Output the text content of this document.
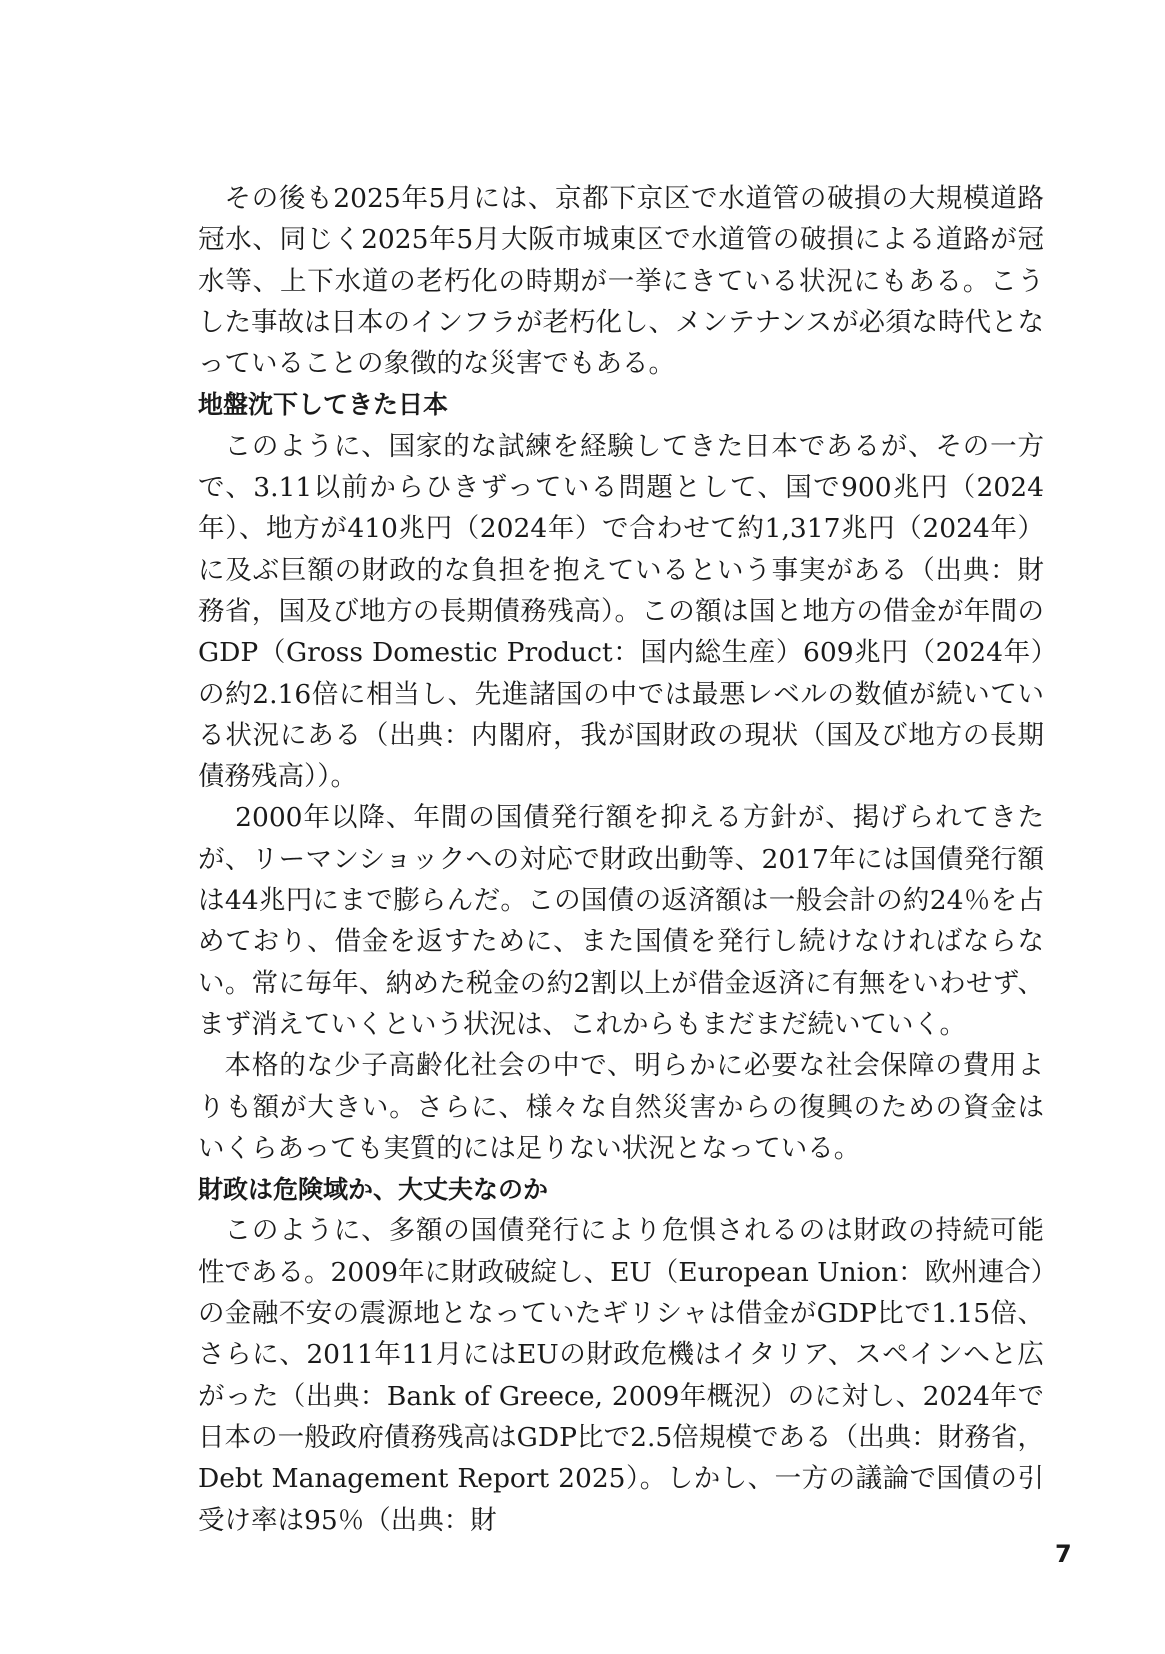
その後も2025年5月には、京都下京区で水道管の破損の大規模道路冠水、同じく2025年5月大阪市城東区で水道管の破損による道路が冠水等、上下水道の老朽化の時期が一挙にきている状況にもある。こうした事故は日本のインフラが老朽化し、メンテナンスが必須な時代となっていることの象徴的な災害でもある。

地盤沈下してきた日本

このように、国家的な試練を経験してきた日本であるが、その一方で、3.11以前からひきずっている問題として、国で900兆円（2024年）、地方が410兆円（2024年）で合わせて約1,317兆円（2024年）に及ぶ巨額の財政的な負担を抱えているという事実がある（出典：財務省，国及び地方の長期債務残高）。この額は国と地方の借金が年間のGDP（Gross Domestic Product：国内総生産）609兆円（2024年）の約2.16倍に相当し、先進諸国の中では最悪レベルの数値が続いている状況にある（出典：内閣府，我が国財政の現状（国及び地方の長期債務残高））。

2000年以降、年間の国債発行額を抑える方針が、掲げられてきたが、リーマンショックへの対応で財政出動等、2017年には国債発行額は44兆円にまで膨らんだ。この国債の返済額は一般会計の約24％を占めており、借金を返すために、また国債を発行し続けなければならない。常に毎年、納めた税金の約2割以上が借金返済に有無をいわせず、まず消えていくという状況は、これからもまだまだ続いていく。

本格的な少子高齢化社会の中で、明らかに必要な社会保障の費用よりも額が大きい。さらに、様々な自然災害からの復興のための資金はいくらあっても実質的には足りない状況となっている。

財政は危険域か、大丈夫なのか

このように、多額の国債発行により危惧されるのは財政の持続可能性である。2009年に財政破綻し、EU（European Union：欧州連合）の金融不安の震源地となっていたギリシャは借金がGDP比で1.15倍、さらに、2011年11月にはEUの財政危機はイタリア、スペインへと広がった（出典：Bank of Greece, 2009年概況）のに対し、2024年で日本の一般政府債務残高はGDP比で2.5倍規模である（出典：財務省，Debt Management Report 2025）。しかし、一方の議論で国債の引受け率は95％（出典：財

7
